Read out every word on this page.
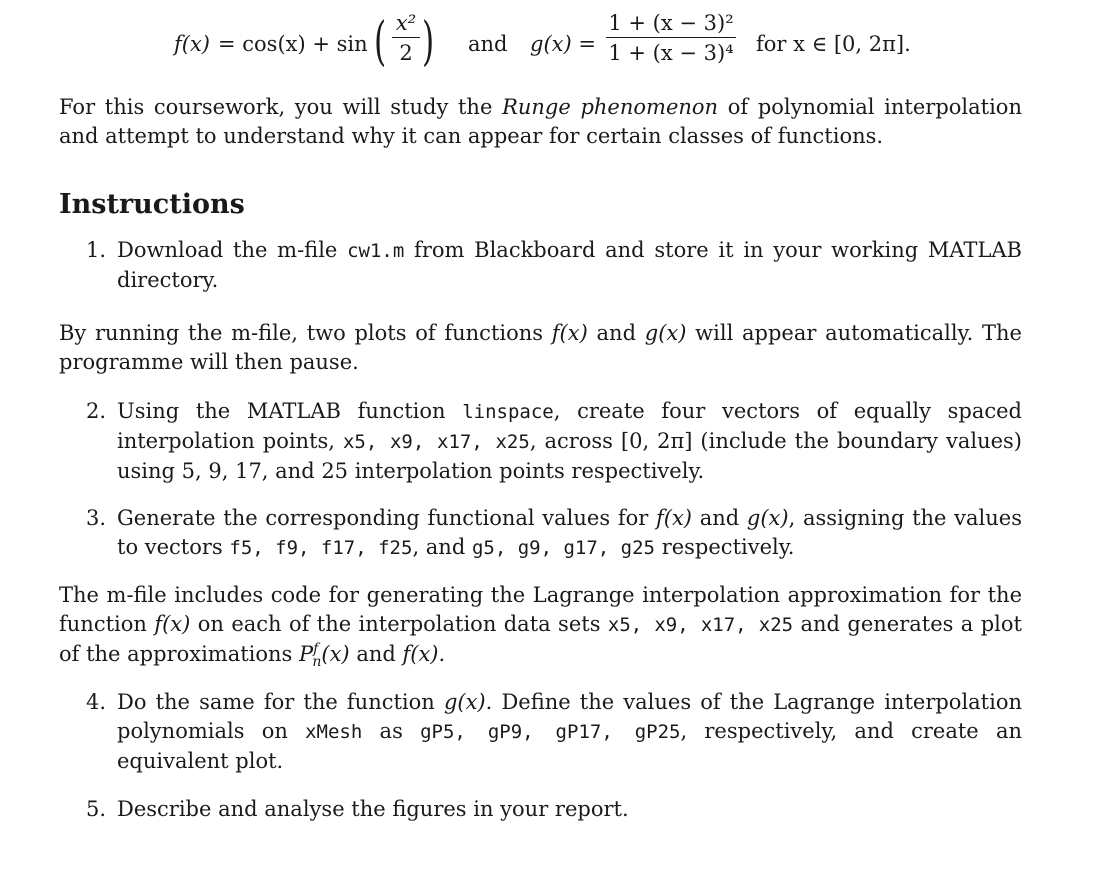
f(x) = cos(x) + sin ( x²
2 ) and g(x) =
1 + (x − 3)²
1 + (x − 3)⁴ for x ∈ [0, 2π].
For this coursework, you will study the Runge phenomenon of polynomial interpolation and attempt to understand why it can appear for certain classes of functions.
Instructions
1. Download the m-file cw1.m from Blackboard and store it in your working MATLAB directory.
By running the m-file, two plots of functions f(x) and g(x) will appear automatically. The programme will then pause.
2. Using the MATLAB function linspace, create four vectors of equally spaced interpolation points, x5, x9, x17, x25, across [0, 2π] (include the boundary values) using 5, 9, 17, and 25 interpolation points respectively.
3. Generate the corresponding functional values for f(x) and g(x), assigning the values to vectors f5, f9, f17, f25, and g5, g9, g17, g25 respectively.
The m-file includes code for generating the Lagrange interpolation approximation for the function f(x) on each of the interpolation data sets x5, x9, x17, x25 and generates a plot of the approximations $P^f_n(x)$ and f(x).
4. Do the same for the function g(x). Define the values of the Lagrange interpolation polynomials on xMesh as gP5, gP9, gP17, gP25, respectively, and create an equivalent plot.
5. Describe and analyse the figures in your report.
